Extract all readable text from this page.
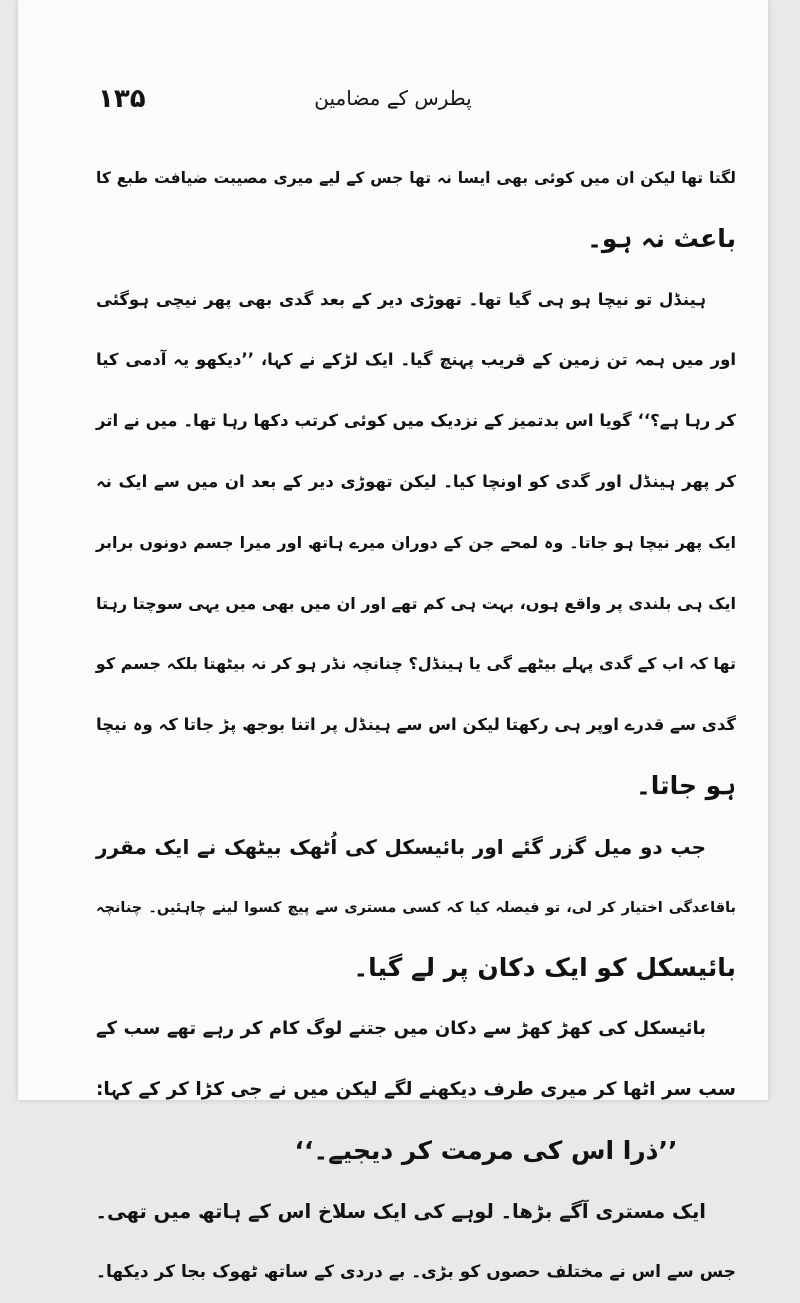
۱۳۵	پطرس کے مضامین
لگتا تھا لیکن ان میں کوئی بھی ایسا نہ تھا جس کے لیے میری مصیبت ضیافت طبع کا
باعث نہ ہو۔
ہینڈل تو نیچا ہو ہی گیا تھا۔ تھوڑی دیر کے بعد گدی بھی پھر نیچی ہوگئی
اور میں ہمہ تن زمین کے قریب پہنچ گیا۔ ایک لڑکے نے کہا، ’’دیکھو یہ آدمی کیا
کر رہا ہے؟‘‘ گویا اس بدتمیز کے نزدیک میں کوئی کرتب دکھا رہا تھا۔ میں نے اتر
کر پھر ہینڈل اور گدی کو اونچا کیا۔ لیکن تھوڑی دیر کے بعد ان میں سے ایک نہ
ایک پھر نیچا ہو جاتا۔ وہ لمحے جن کے دوران میرے ہاتھ اور میرا جسم دونوں برابر
ایک ہی بلندی پر واقع ہوں، بہت ہی کم تھے اور ان میں بھی میں یہی سوچتا رہتا
تھا کہ اب کے گدی پہلے بیٹھے گی یا ہینڈل؟ چنانچہ نڈر ہو کر نہ بیٹھتا بلکہ جسم کو
گدی سے قدرے اوپر ہی رکھتا لیکن اس سے ہینڈل پر اتنا بوجھ پڑ جاتا کہ وہ نیچا
ہو جاتا۔
جب دو میل گزر گئے اور بائیسکل کی اُٹھک بیٹھک نے ایک مقرر
باقاعدگی اختیار کر لی، تو فیصلہ کیا کہ کسی مستری سے پیچ کسوا لینے چاہئیں۔ چنانچہ
بائیسکل کو ایک دکان پر لے گیا۔
بائیسکل کی کھڑ کھڑ سے دکان میں جتنے لوگ کام کر رہے تھے سب کے
سب سر اٹھا کر میری طرف دیکھنے لگے لیکن میں نے جی کڑا کر کے کہا:
’’ذرا اس کی مرمت کر دیجیے۔‘‘
ایک مستری آگے بڑھا۔ لوہے کی ایک سلاخ اس کے ہاتھ میں تھی۔
جس سے اس نے مختلف حصوں کو بڑی۔ بے دردی کے ساتھ ٹھوک بجا کر دیکھا۔
